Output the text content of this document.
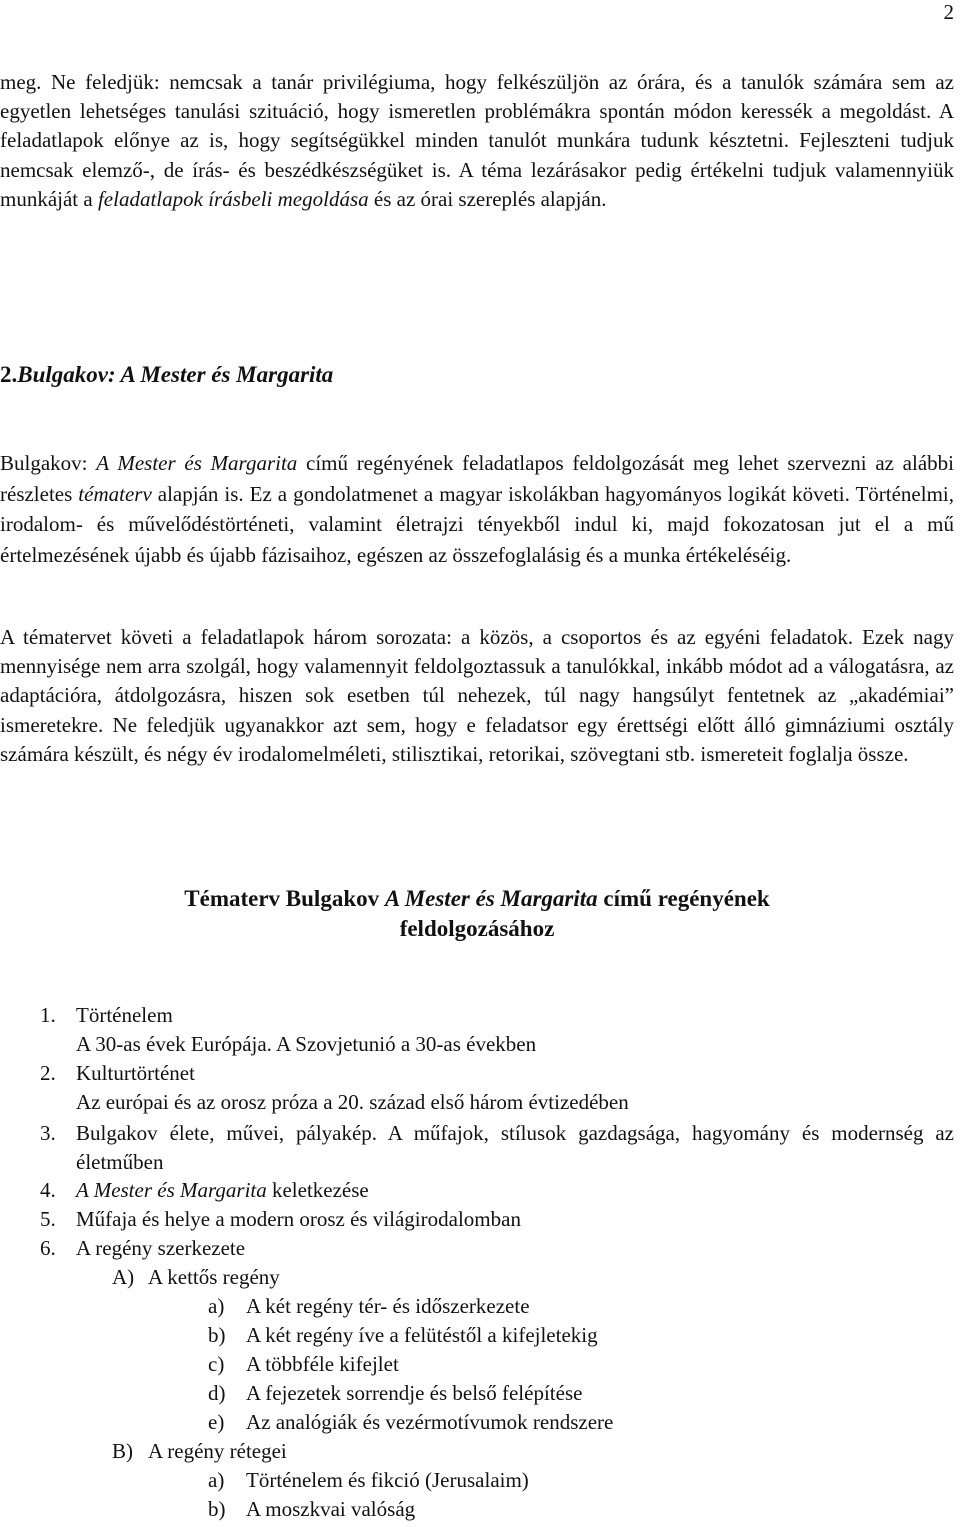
2

meg. Ne feledjük: nemcsak a tanár privilégiuma, hogy felkészüljön az órára, és a tanulók számára sem az egyetlen lehetséges tanulási szituáció, hogy ismeretlen problémákra spontán módon keressék a megoldást. A feladatlapok előnye az is, hogy segítségükkel minden tanulót munkára tudunk késztetni. Fejleszteni tudjuk nemcsak elemző-, de írás- és beszédkészségüket is. A téma lezárásakor pedig értékelni tudjuk valamennyiük munkáját a feladatlapok írásbeli megoldása és az órai szereplés alapján.

2.Bulgakov: A Mester és Margarita

Bulgakov: A Mester és Margarita című regényének feladatlapos feldolgozását meg lehet szervezni az alábbi részletes tématerv alapján is. Ez a gondolatmenet a magyar iskolákban hagyományos logikát követi. Történelmi, irodalom- és művelődéstörténeti, valamint életrajzi tényekből indul ki, majd fokozatosan jut el a mű értelmezésének újabb és újabb fázisaihoz, egészen az összefoglalásig és a munka értékeléséig.

A tématervet követi a feladatlapok három sorozata: a közös, a csoportos és az egyéni feladatok. Ezek nagy mennyisége nem arra szolgál, hogy valamennyit feldolgoztassuk a tanulókkal, inkább módot ad a válogatásra, az adaptációra, átdolgozásra, hiszen sok esetben túl nehezek, túl nagy hangsúlyt fentetnek az „akadémiai” ismeretekre. Ne feledjük ugyanakkor azt sem, hogy e feladatsor egy érettségi előtt álló gimnáziumi osztály számára készült, és négy év irodalomelméleti, stilisztikai, retorikai, szövegtani stb. ismereteit foglalja össze.

Tématerv Bulgakov A Mester és Margarita című regényének
feldolgozásához
1. Történelem
A 30-as évek Európája. A Szovjetunió a 30-as években
2. Kulturtörténet
Az európai és az orosz próza a 20. század első három évtizedében
3. Bulgakov élete, művei, pályakép. A műfajok, stílusok gazdagsága, hagyomány és modernség az életműben
4. A Mester és Margarita keletkezése
5. Műfaja és helye a modern orosz és világirodalomban
6. A regény szerkezete
A) A kettős regény
a) A két regény tér- és időszerkezete
b) A két regény íve a felütéstől a kifejletekig
c) A többféle kifejlet
d) A fejezetek sorrendje és belső felépítése
e) Az analógiák és vezérmotívumok rendszere
B) A regény rétegei
a) Történelem és fikció (Jerusalaim)
b) A moszkvai valóság
